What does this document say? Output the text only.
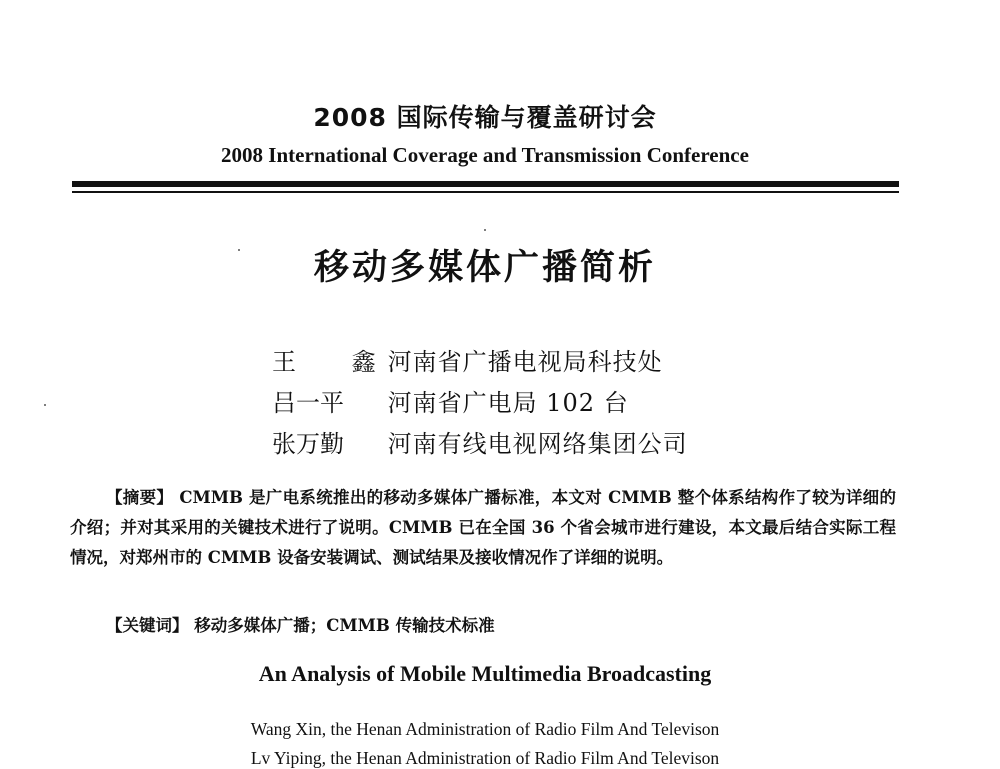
2008 国际传输与覆盖研讨会
2008 International Coverage and Transmission Conference
移动多媒体广播简析
王 鑫 河南省广播电视局科技处
吕一平 河南省广电局 102 台
张万勤 河南有线电视网络集团公司
【摘要】 CMMB 是广电系统推出的移动多媒体广播标准，本文对 CMMB 整个体系结构作了较为详细的介绍；并对其采用的关键技术进行了说明。CMMB 已在全国 36 个省会城市进行建设，本文最后结合实际工程情况，对郑州市的 CMMB 设备安装调试、测试结果及接收情况作了详细的说明。
【关键词】 移动多媒体广播；CMMB 传输技术标准
An Analysis of Mobile Multimedia Broadcasting
Wang Xin, the Henan Administration of Radio Film And Televison
Lv Yiping, the Henan Administration of Radio Film And Televison
